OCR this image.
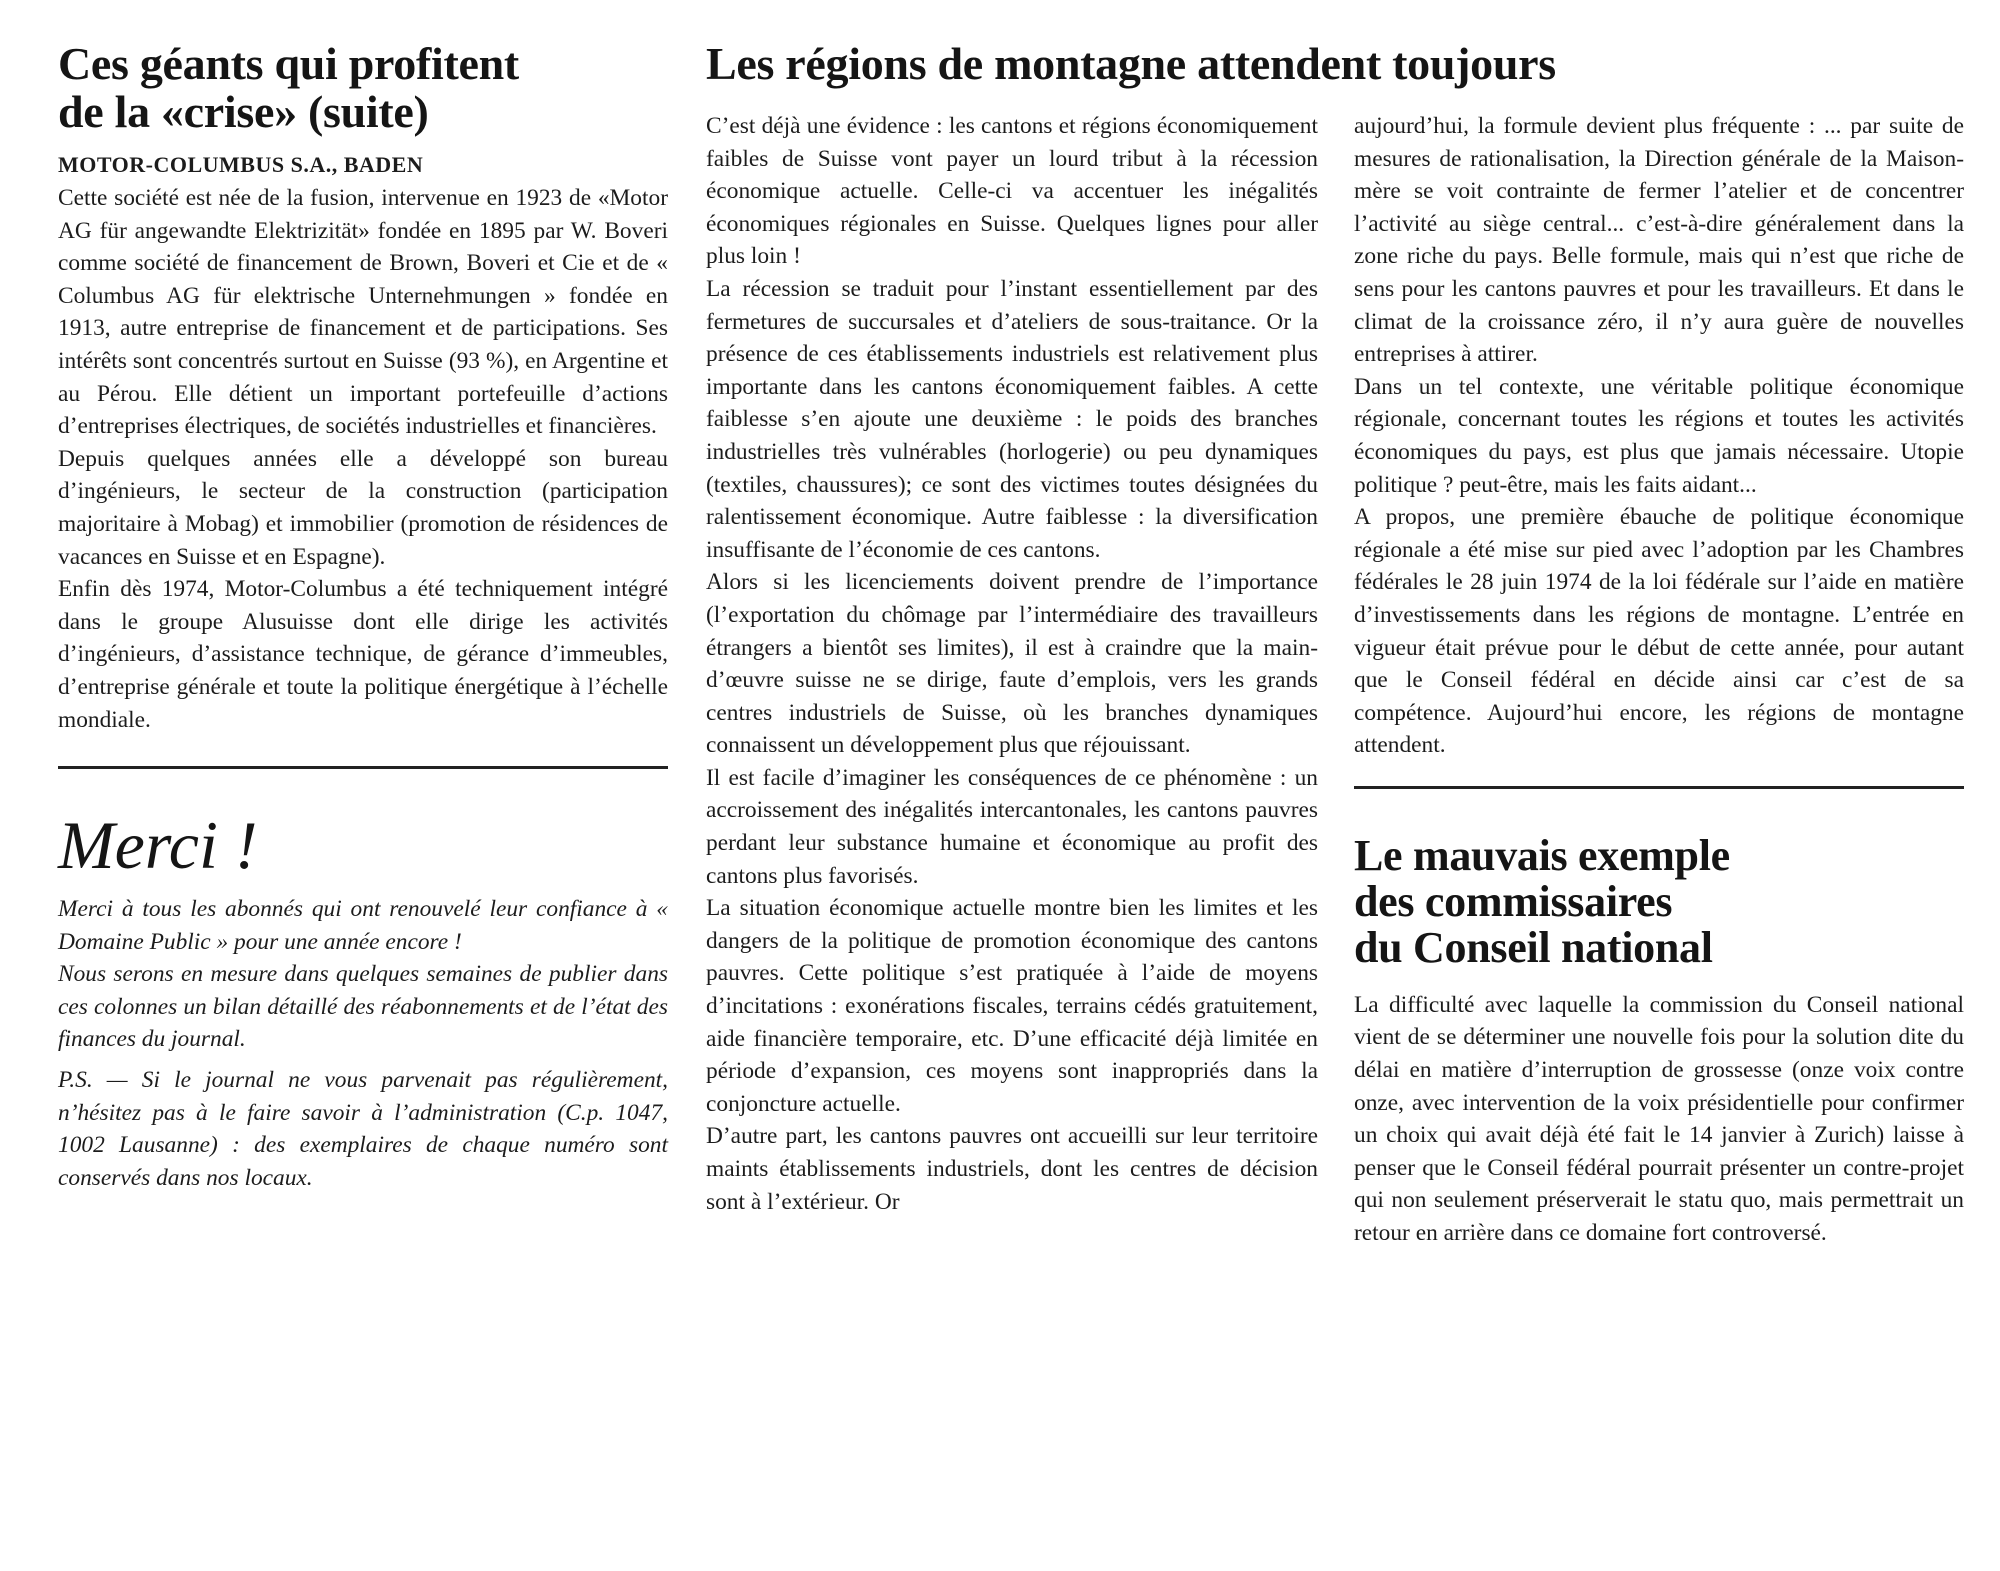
Les régions de montagne attendent toujours
Ces géants qui profitent
de la «crise» (suite)
MOTOR-COLUMBUS S.A., BADEN

Cette société est née de la fusion, intervenue en 1923 de «Motor AG für angewandte Elektrizität» fondée en 1895 par W. Boveri comme société de financement de Brown, Boveri et Cie et de « Columbus AG für elektrische Unternehmungen » fondée en 1913, autre entreprise de financement et de participations. Ses intérêts sont concentrés surtout en Suisse (93 %), en Argentine et au Pérou. Elle détient un important portefeuille d’actions d’entreprises électriques, de sociétés industrielles et financières.

Depuis quelques années elle a développé son bureau d’ingénieurs, le secteur de la construction (participation majoritaire à Mobag) et immobilier (promotion de résidences de vacances en Suisse et en Espagne).

Enfin dès 1974, Motor-Columbus a été techniquement intégré dans le groupe Alusuisse dont elle dirige les activités d’ingénieurs, d’assistance technique, de gérance d’immeubles, d’entreprise générale et toute la politique énergétique à l’échelle mondiale.

Merci !

Merci à tous les abonnés qui ont renouvelé leur confiance à « Domaine Public » pour une année encore !

Nous serons en mesure dans quelques semaines de publier dans ces colonnes un bilan détaillé des réabonnements et de l’état des finances du journal.

P.S. — Si le journal ne vous parvenait pas régulièrement, n’hésitez pas à le faire savoir à l’administration (C.p. 1047, 1002 Lausanne) : des exemplaires de chaque numéro sont conservés dans nos locaux.

C’est déjà une évidence : les cantons et régions économiquement faibles de Suisse vont payer un lourd tribut à la récession économique actuelle. Celle-ci va accentuer les inégalités économiques régionales en Suisse. Quelques lignes pour aller plus loin !

La récession se traduit pour l’instant essentiellement par des fermetures de succursales et d’ateliers de sous-traitance. Or la présence de ces établissements industriels est relativement plus importante dans les cantons économiquement faibles. A cette faiblesse s’en ajoute une deuxième : le poids des branches industrielles très vulnérables (horlogerie) ou peu dynamiques (textiles, chaussures); ce sont des victimes toutes désignées du ralentissement économique. Autre faiblesse : la diversification insuffisante de l’économie de ces cantons.

Alors si les licenciements doivent prendre de l’importance (l’exportation du chômage par l’intermédiaire des travailleurs étrangers a bientôt ses limites), il est à craindre que la main-d’œuvre suisse ne se dirige, faute d’emplois, vers les grands centres industriels de Suisse, où les branches dynamiques connaissent un développement plus que réjouissant.

Il est facile d’imaginer les conséquences de ce phénomène : un accroissement des inégalités intercantonales, les cantons pauvres perdant leur substance humaine et économique au profit des cantons plus favorisés.

La situation économique actuelle montre bien les limites et les dangers de la politique de promotion économique des cantons pauvres. Cette politique s’est pratiquée à l’aide de moyens d’incitations : exonérations fiscales, terrains cédés gratuitement, aide financière temporaire, etc. D’une efficacité déjà limitée en période d’expansion, ces moyens sont inappropriés dans la conjoncture actuelle.

D’autre part, les cantons pauvres ont accueilli sur leur territoire maints établissements industriels, dont les centres de décision sont à l’extérieur. Or

aujourd’hui, la formule devient plus fréquente : ... par suite de mesures de rationalisation, la Direction générale de la Maison-mère se voit contrainte de fermer l’atelier et de concentrer l’activité au siège central... c’est-à-dire généralement dans la zone riche du pays. Belle formule, mais qui n’est que riche de sens pour les cantons pauvres et pour les travailleurs. Et dans le climat de la croissance zéro, il n’y aura guère de nouvelles entreprises à attirer.

Dans un tel contexte, une véritable politique économique régionale, concernant toutes les régions et toutes les activités économiques du pays, est plus que jamais nécessaire. Utopie politique ? peut-être, mais les faits aidant...

A propos, une première ébauche de politique économique régionale a été mise sur pied avec l’adoption par les Chambres fédérales le 28 juin 1974 de la loi fédérale sur l’aide en matière d’investissements dans les régions de montagne. L’entrée en vigueur était prévue pour le début de cette année, pour autant que le Conseil fédéral en décide ainsi car c’est de sa compétence. Aujourd’hui encore, les régions de montagne attendent.

Le mauvais exemple
des commissaires
du Conseil national

La difficulté avec laquelle la commission du Conseil national vient de se déterminer une nouvelle fois pour la solution dite du délai en matière d’interruption de grossesse (onze voix contre onze, avec intervention de la voix présidentielle pour confirmer un choix qui avait déjà été fait le 14 janvier à Zurich) laisse à penser que le Conseil fédéral pourrait présenter un contre-projet qui non seulement préserverait le statu quo, mais permettrait un retour en arrière dans ce domaine fort controversé.
